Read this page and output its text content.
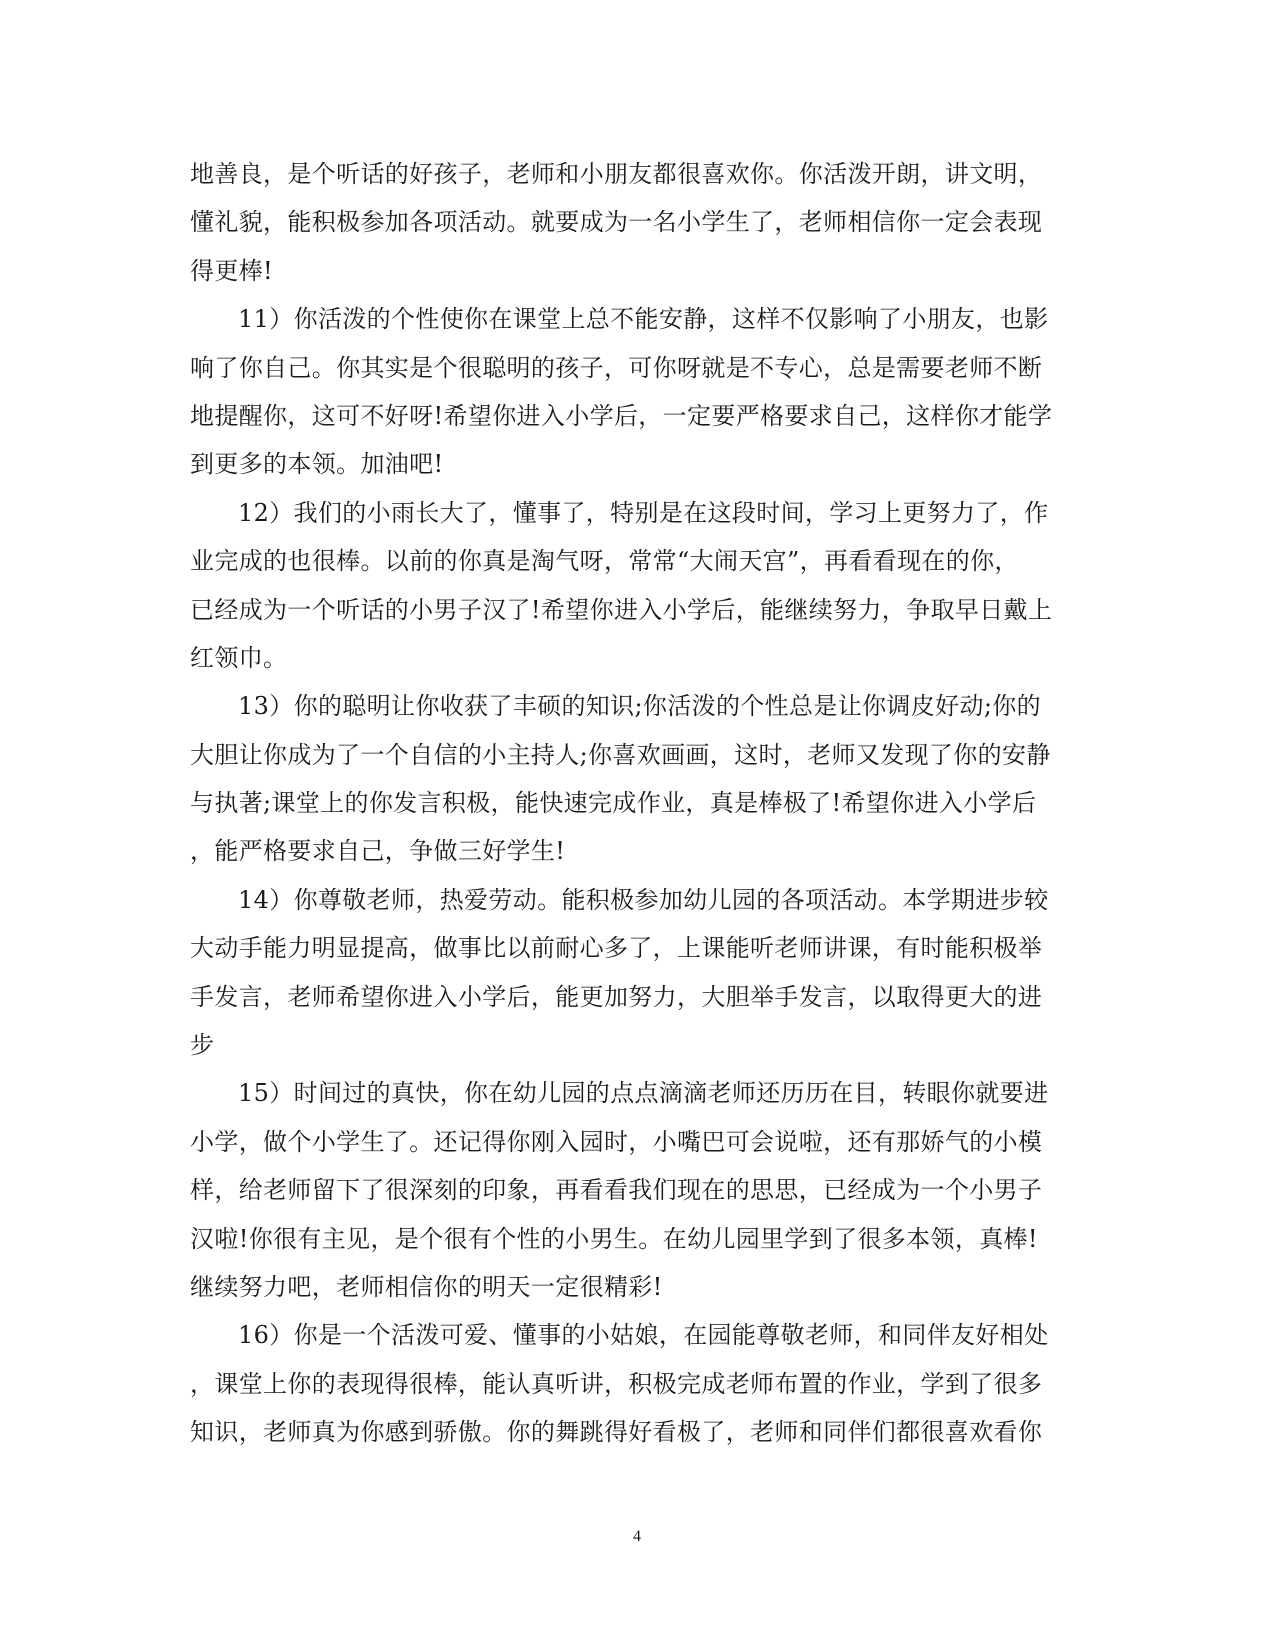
地善良，是个听话的好孩子，老师和小朋友都很喜欢你。你活泼开朗，讲文明，
懂礼貌，能积极参加各项活动。就要成为一名小学生了，老师相信你一定会表现
得更棒!
11）你活泼的个性使你在课堂上总不能安静，这样不仅影响了小朋友，也影
响了你自己。你其实是个很聪明的孩子，可你呀就是不专心，总是需要老师不断
地提醒你，这可不好呀!希望你进入小学后，一定要严格要求自己，这样你才能学
到更多的本领。加油吧!
12）我们的小雨长大了，懂事了，特别是在这段时间，学习上更努力了，作
业完成的也很棒。以前的你真是淘气呀，常常“大闹天宫”，再看看现在的你，
已经成为一个听话的小男子汉了!希望你进入小学后，能继续努力，争取早日戴上
红领巾。
13）你的聪明让你收获了丰硕的知识;你活泼的个性总是让你调皮好动;你的
大胆让你成为了一个自信的小主持人;你喜欢画画，这时，老师又发现了你的安静
与执著;课堂上的你发言积极，能快速完成作业，真是棒极了!希望你进入小学后
，能严格要求自己，争做三好学生!
14）你尊敬老师，热爱劳动。能积极参加幼儿园的各项活动。本学期进步较
大动手能力明显提高，做事比以前耐心多了，上课能听老师讲课，有时能积极举
手发言，老师希望你进入小学后，能更加努力，大胆举手发言，以取得更大的进
步
15）时间过的真快，你在幼儿园的点点滴滴老师还历历在目，转眼你就要进
小学，做个小学生了。还记得你刚入园时，小嘴巴可会说啦，还有那娇气的小模
样，给老师留下了很深刻的印象，再看看我们现在的思思，已经成为一个小男子
汉啦!你很有主见，是个很有个性的小男生。在幼儿园里学到了很多本领，真棒!
继续努力吧，老师相信你的明天一定很精彩!
16）你是一个活泼可爱、懂事的小姑娘，在园能尊敬老师，和同伴友好相处
，课堂上你的表现得很棒，能认真听讲，积极完成老师布置的作业，学到了很多
知识，老师真为你感到骄傲。你的舞跳得好看极了，老师和同伴们都很喜欢看你
4
